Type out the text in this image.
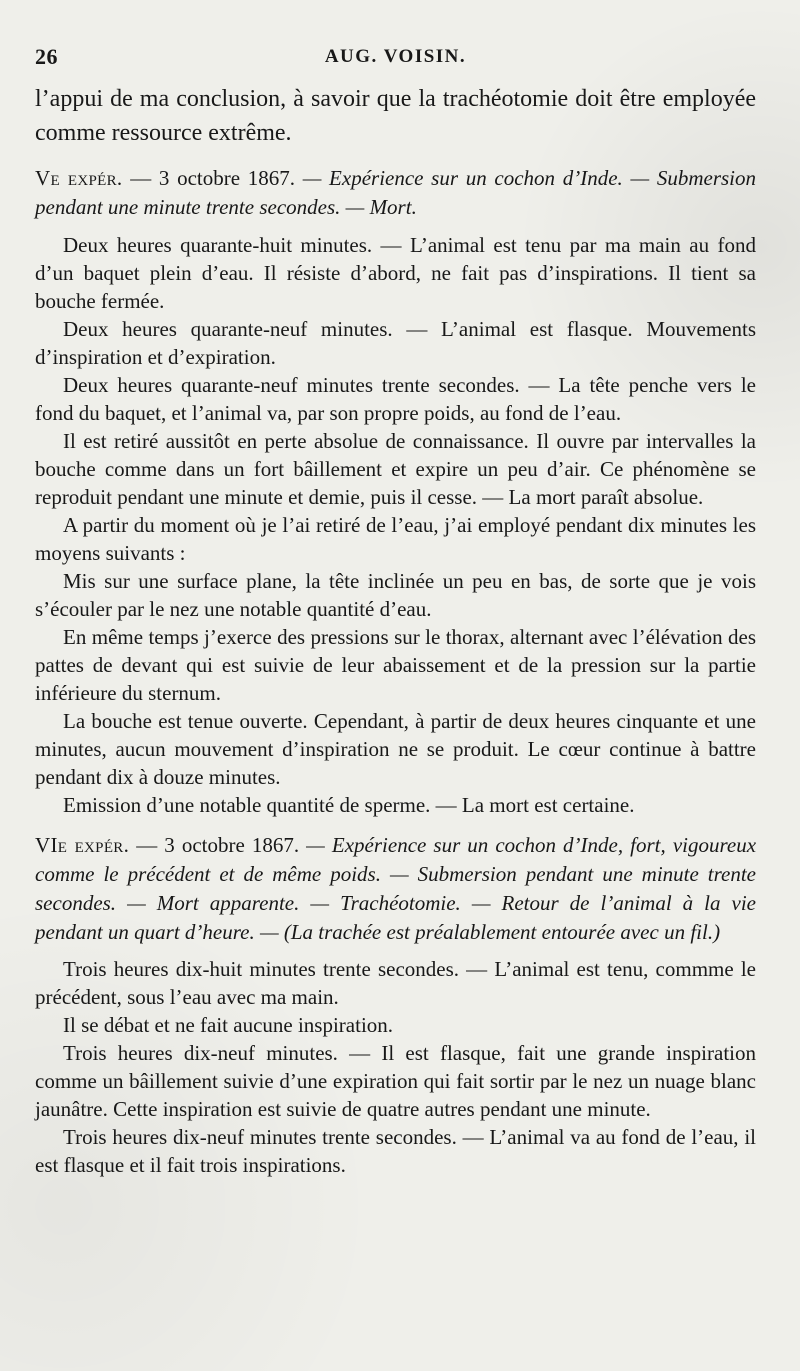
26	AUG. VOISIN.

l’appui de ma conclusion, à savoir que la trachéotomie doit être employée comme ressource extrême.

Ve expér. — 3 octobre 1867. — Expérience sur un cochon d’Inde. — Submersion pendant une minute trente secondes. — Mort.

Deux heures quarante-huit minutes. — L’animal est tenu par ma main au fond d’un baquet plein d’eau. Il résiste d’abord, ne fait pas d’inspirations. Il tient sa bouche fermée.

Deux heures quarante-neuf minutes. — L’animal est flasque. Mouvements d’inspiration et d’expiration.

Deux heures quarante-neuf minutes trente secondes. — La tête penche vers le fond du baquet, et l’animal va, par son propre poids, au fond de l’eau.

Il est retiré aussitôt en perte absolue de connaissance. Il ouvre par intervalles la bouche comme dans un fort bâillement et expire un peu d’air. Ce phénomène se reproduit pendant une minute et demie, puis il cesse. — La mort paraît absolue.

A partir du moment où je l’ai retiré de l’eau, j’ai employé pendant dix minutes les moyens suivants :

Mis sur une surface plane, la tête inclinée un peu en bas, de sorte que je vois s’écouler par le nez une notable quantité d’eau.

En même temps j’exerce des pressions sur le thorax, alternant avec l’élévation des pattes de devant qui est suivie de leur abaissement et de la pression sur la partie inférieure du sternum.

La bouche est tenue ouverte. Cependant, à partir de deux heures cinquante et une minutes, aucun mouvement d’inspiration ne se produit. Le cœur continue à battre pendant dix à douze minutes.

Emission d’une notable quantité de sperme. — La mort est certaine.

VIe expér. — 3 octobre 1867. — Expérience sur un cochon d’Inde, fort, vigoureux comme le précédent et de même poids. — Submersion pendant une minute trente secondes. — Mort apparente. — Trachéotomie. — Retour de l’animal à la vie pendant un quart d’heure. — (La trachée est préalablement entourée avec un fil.)

Trois heures dix-huit minutes trente secondes. — L’animal est tenu, commme le précédent, sous l’eau avec ma main.

Il se débat et ne fait aucune inspiration.

Trois heures dix-neuf minutes. — Il est flasque, fait une grande inspiration comme un bâillement suivie d’une expiration qui fait sortir par le nez un nuage blanc jaunâtre. Cette inspiration est suivie de quatre autres pendant une minute.

Trois heures dix-neuf minutes trente secondes. — L’animal va au fond de l’eau, il est flasque et il fait trois inspirations.
